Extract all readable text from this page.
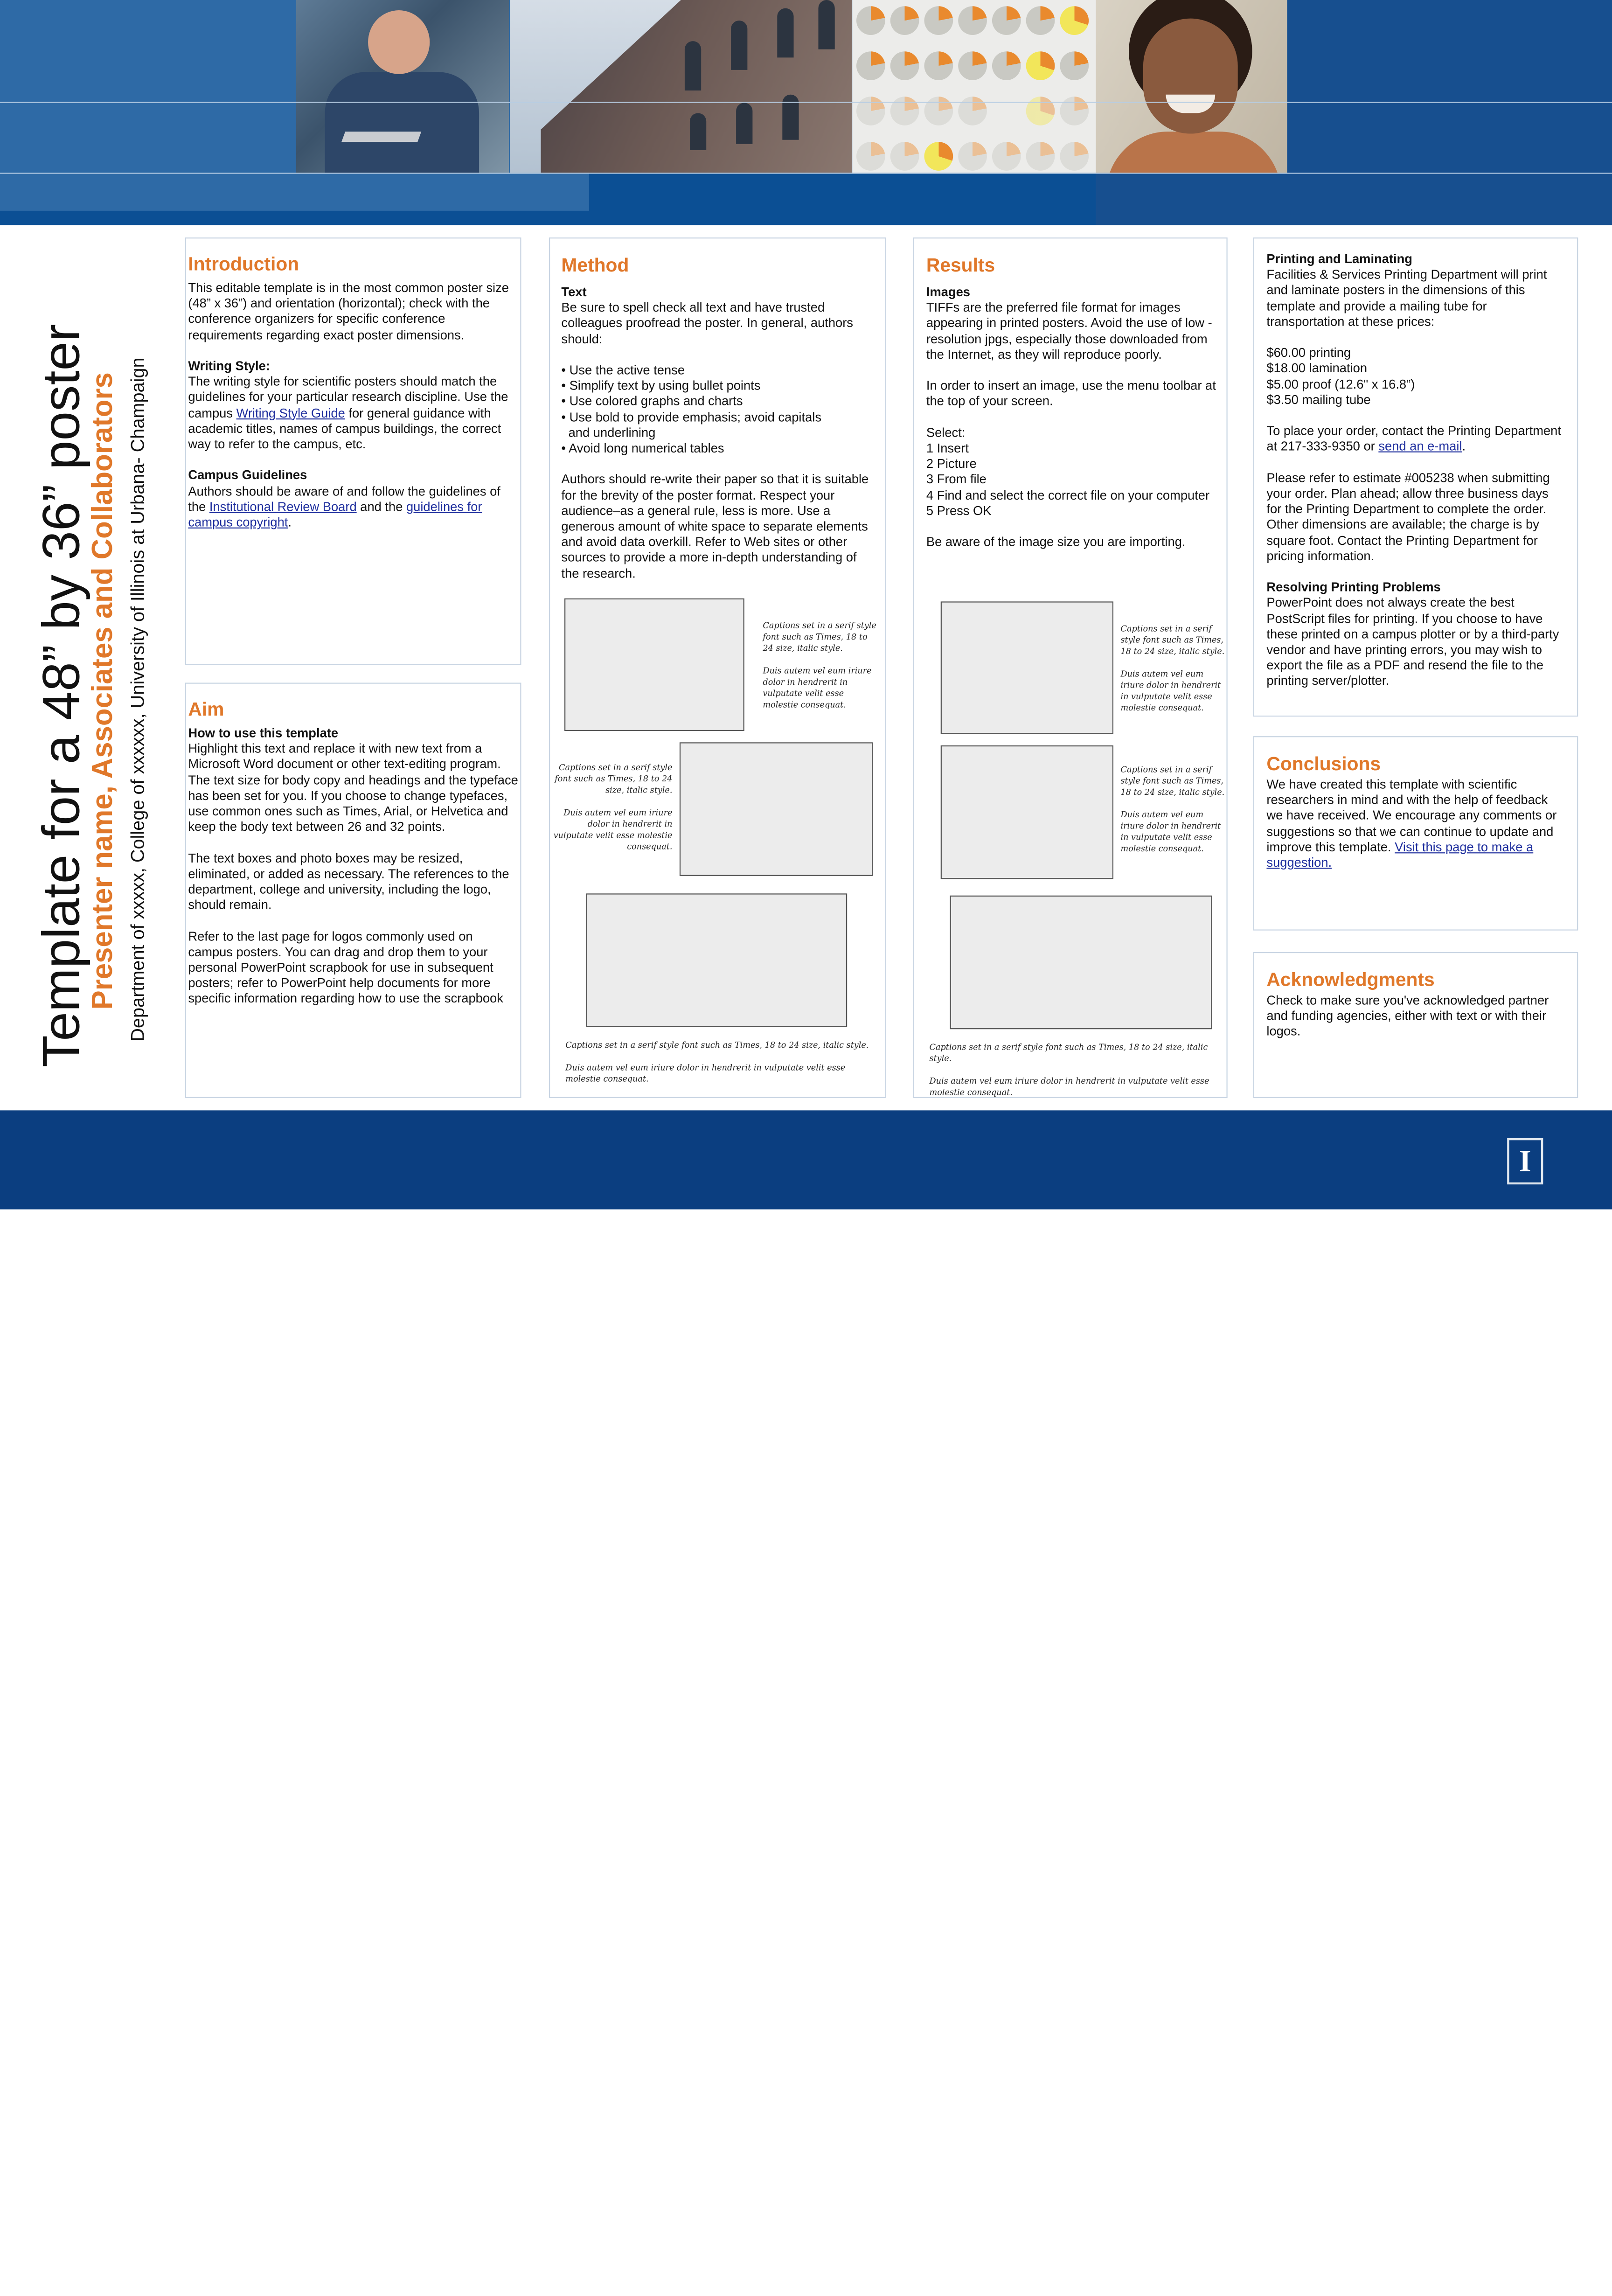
Template for a 48” by 36” poster
Presenter name, Associates and Collaborators Department of xxxxx, College of xxxxxx, University of Illinois at Urbana- Champaign
Introduction

This editable template is in the most common poster size (48” x 36”) and orientation (horizontal); check with the conference organizers for specific conference requirements regarding exact poster dimensions.

Writing Style:

The writing style for scientific posters should match the guidelines for your particular research discipline. Use the campus Writing Style Guide for general guidance with academic titles, names of campus buildings, the correct way to refer to the campus, etc.

Campus Guidelines

Authors should be aware of and follow the guidelines of the Institutional Review Board and the guidelines for campus copyright.

Aim

How to use this template

Highlight this text and replace it with new text from a Microsoft Word document or other text-editing program. The text size for body copy and headings and the typeface has been set for you. If you choose to change typefaces, use common ones such as Times, Arial, or Helvetica and keep the body text between 26 and 32 points.

The text boxes and photo boxes may be resized, eliminated, or added as necessary. The references to the department, college and university, including the logo, should remain.

Refer to the last page for logos commonly used on campus posters. You can drag and drop them to your personal PowerPoint scrapbook for use in subsequent posters; refer to PowerPoint help documents for more specific information regarding how to use the scrapbook

Method

Text

Be sure to spell check all text and have trusted colleagues proofread the poster. In general, authors should:

• Use the active tense

• Simplify text by using bullet points

• Use colored graphs and charts

• Use bold to provide emphasis; avoid capitals

and underlining

• Avoid long numerical tables

Authors should re-write their paper so that it is suitable for the brevity of the poster format. Respect your audience–as a general rule, less is more. Use a generous amount of white space to separate elements and avoid data overkill. Refer to Web sites or other sources to provide a more in-depth understanding of the research.

Captions set in a serif style font such as Times, 18 to 24 size, italic style.
Duis autem vel eum iriure dolor in hendrerit in vulputate velit esse molestie consequat.
Captions set in a serif style font such as Times, 18 to 24 size, italic style.
Duis autem vel eum iriure dolor in hendrerit in vulputate velit esse molestie consequat.
Captions set in a serif style font such as Times, 18 to 24 size, italic style.
Duis autem vel eum iriure dolor in hendrerit in vulputate velit esse molestie consequat.
Results

Images

TIFFs are the preferred file format for images appearing in printed posters. Avoid the use of low -resolution jpgs, especially those downloaded from the Internet, as they will reproduce poorly.

In order to insert an image, use the menu toolbar at the top of your screen.

Select:

1 Insert

2 Picture

3 From file

4 Find and select the correct file on your computer

5 Press OK

Be aware of the image size you are importing.

Captions set in a serif style font such as Times, 18 to 24 size, italic style.
Duis autem vel eum iriure dolor in hendrerit in vulputate velit esse molestie consequat.
Captions set in a serif style font such as Times, 18 to 24 size, italic style.
Duis autem vel eum iriure dolor in hendrerit in vulputate velit esse molestie consequat.
Captions set in a serif style font such as Times, 18 to 24 size, italic style.
Duis autem vel eum iriure dolor in hendrerit in vulputate velit esse molestie consequat.

Printing and Laminating

Facilities & Services Printing Department will print and laminate posters in the dimensions of this template and provide a mailing tube for transportation at these prices:

$60.00 printing

$18.00 lamination

$5.00 proof (12.6" x 16.8”)

$3.50 mailing tube

To place your order, contact the Printing Department at 217-333-9350 or send an e-mail.

Please refer to estimate #005238 when submitting your order. Plan ahead; allow three business days for the Printing Department to complete the order. Other dimensions are available; the charge is by square foot. Contact the Printing Department for pricing information.

Resolving Printing Problems

PowerPoint does not always create the best PostScript files for printing. If you choose to have these printed on a campus plotter or by a third-party vendor and have printing errors, you may wish to export the file as a PDF and resend the file to the printing server/plotter.

Conclusions
We have created this template with scientific researchers in mind and with the help of feedback we have received. We encourage any comments or suggestions so that we can continue to update and improve this template. Visit this page to make a suggestion.
Acknowledgments
Check to make sure you've acknowledged partner and funding agencies, either with text or with their logos.
UNIVERSITY LIBRARY
UNIVERSITY OF ILLINOIS AT URBANA CHAMPAIGN
I
